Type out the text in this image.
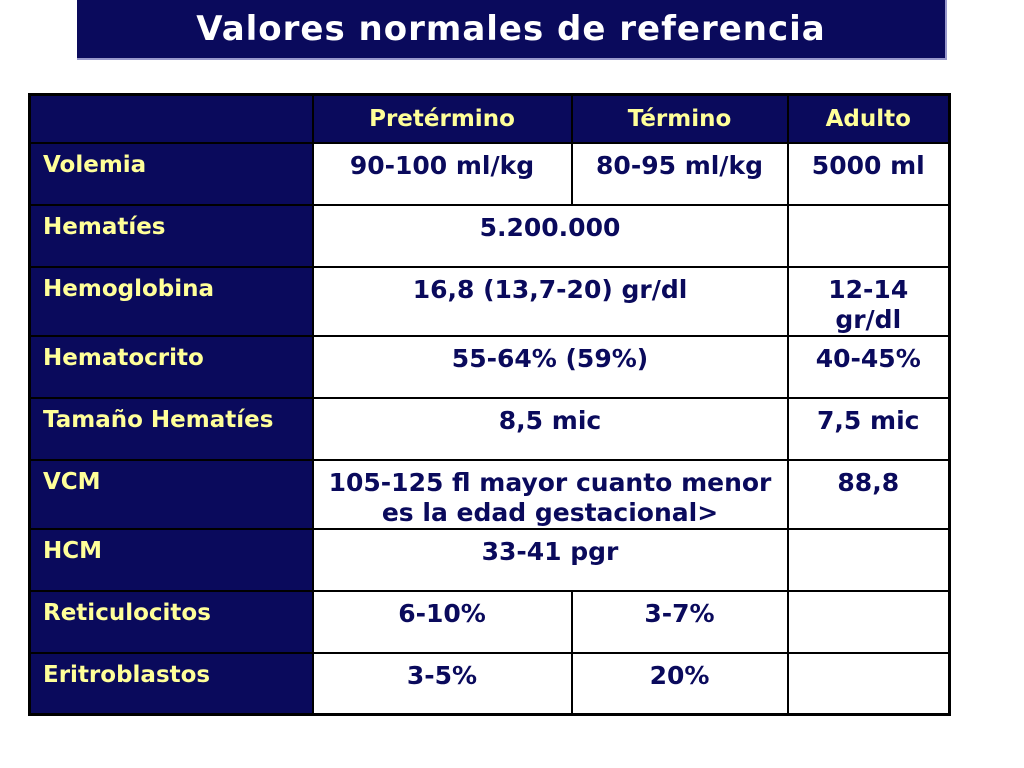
Valores normales de referencia
	Pretérmino	Término	Adulto
Volemia	90-100 ml/kg	80-95 ml/kg	5000 ml
Hematíes	5.200.000		
Hemoglobina	16,8 (13,7-20) gr/dl		12-14 gr/dl
Hematocrito	55-64% (59%)		40-45%
Tamaño Hematíes	8,5 mic		7,5 mic
VCM	105-125 fl mayor cuanto menor es la edad gestacional>		88,8
HCM	33-41 pgr		
Reticulocitos	6-10%	3-7%	
Eritroblastos	3-5%	20%	
